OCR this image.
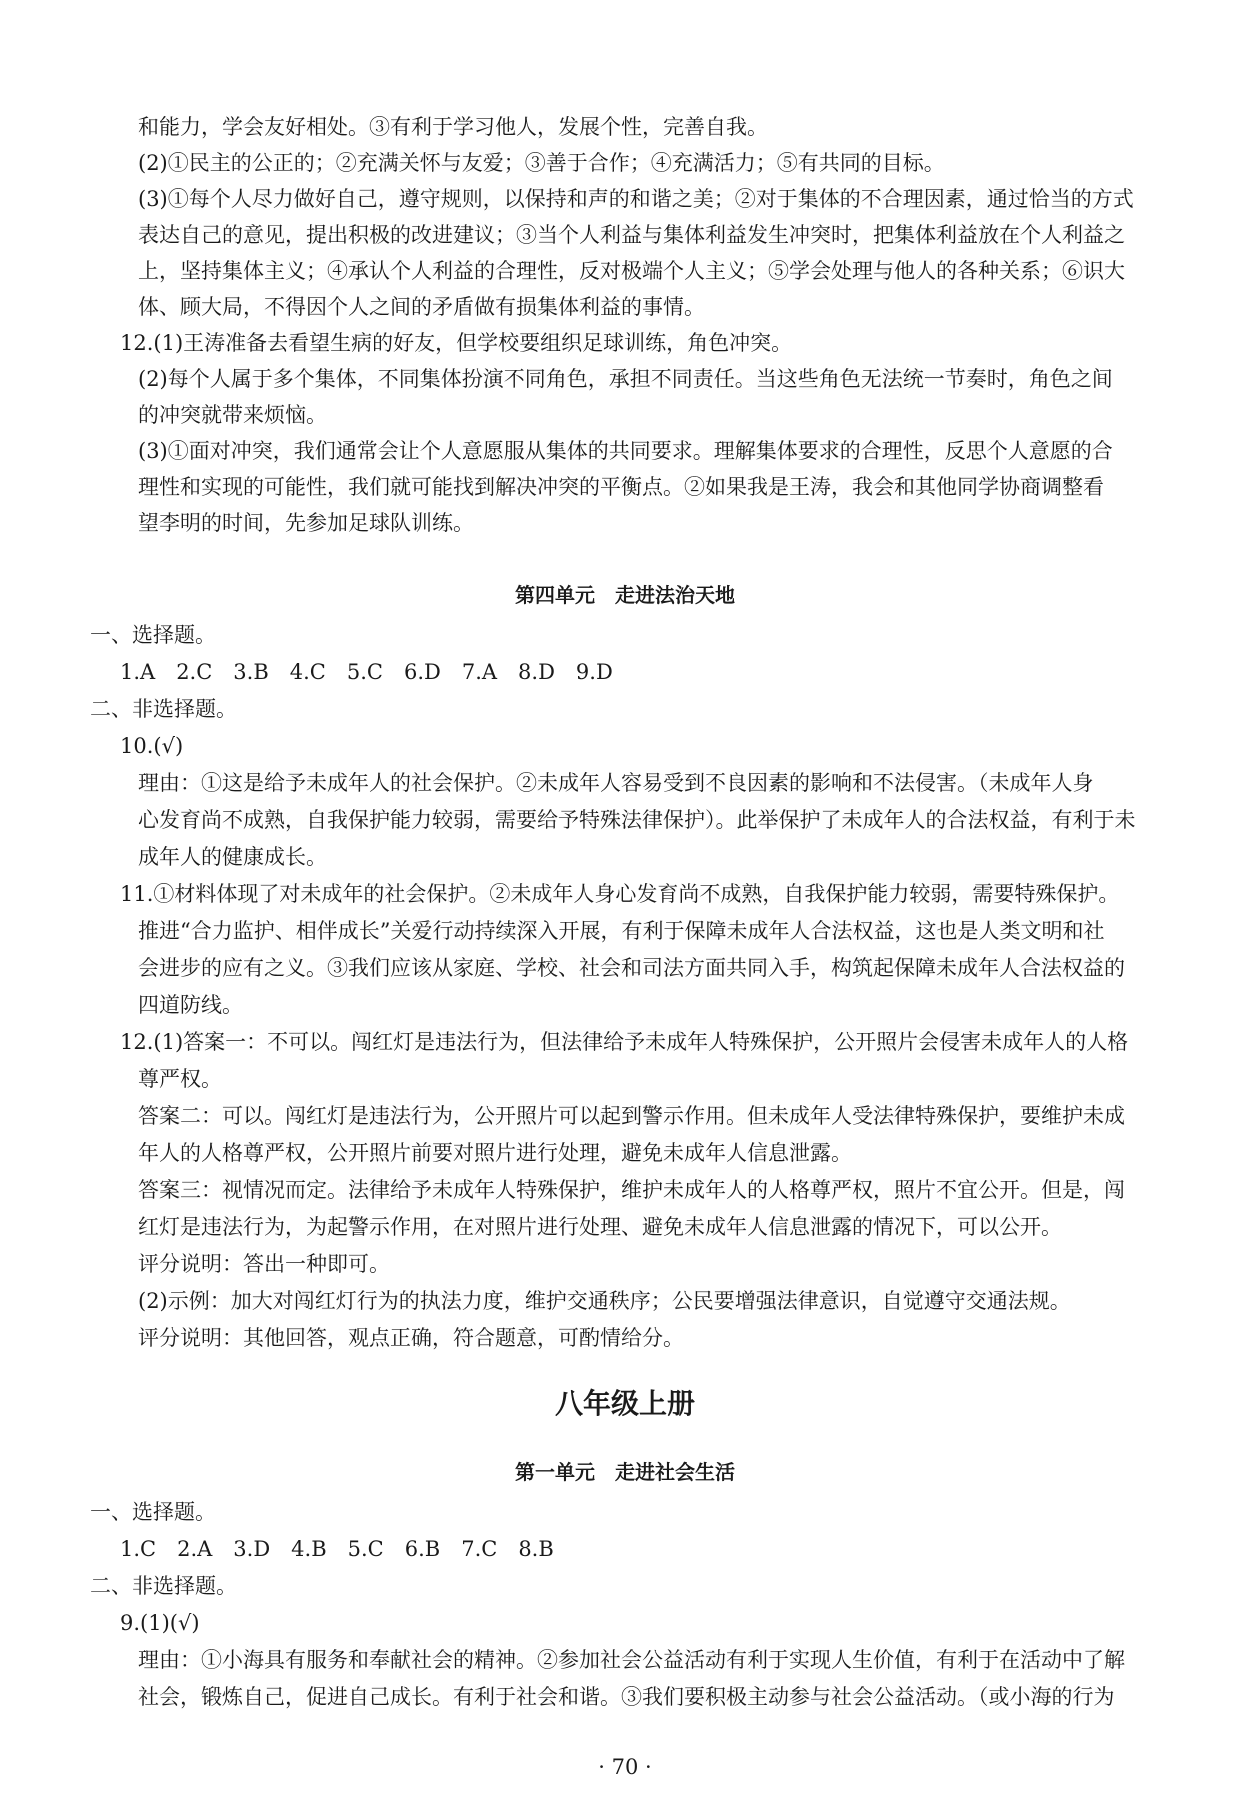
和能力，学会友好相处。③有利于学习他人，发展个性，完善自我。
(2)①民主的公正的；②充满关怀与友爱；③善于合作；④充满活力；⑤有共同的目标。
(3)①每个人尽力做好自己，遵守规则，以保持和声的和谐之美；②对于集体的不合理因素，通过恰当的方式
表达自己的意见，提出积极的改进建议；③当个人利益与集体利益发生冲突时，把集体利益放在个人利益之
上，坚持集体主义；④承认个人利益的合理性，反对极端个人主义；⑤学会处理与他人的各种关系；⑥识大
体、顾大局，不得因个人之间的矛盾做有损集体利益的事情。
12.(1)王涛准备去看望生病的好友，但学校要组织足球训练，角色冲突。
(2)每个人属于多个集体，不同集体扮演不同角色，承担不同责任。当这些角色无法统一节奏时，角色之间
的冲突就带来烦恼。
(3)①面对冲突，我们通常会让个人意愿服从集体的共同要求。理解集体要求的合理性，反思个人意愿的合
理性和实现的可能性，我们就可能找到解决冲突的平衡点。②如果我是王涛，我会和其他同学协商调整看
望李明的时间，先参加足球队训练。
第四单元　走进法治天地
一、选择题。
1.A　2.C　3.B　4.C　5.C　6.D　7.A　8.D　9.D
二、非选择题。
10.(√)
理由：①这是给予未成年人的社会保护。②未成年人容易受到不良因素的影响和不法侵害。（未成年人身
心发育尚不成熟，自我保护能力较弱，需要给予特殊法律保护）。此举保护了未成年人的合法权益，有利于未
成年人的健康成长。
11.①材料体现了对未成年的社会保护。②未成年人身心发育尚不成熟，自我保护能力较弱，需要特殊保护。
推进“合力监护、相伴成长”关爱行动持续深入开展，有利于保障未成年人合法权益，这也是人类文明和社
会进步的应有之义。③我们应该从家庭、学校、社会和司法方面共同入手，构筑起保障未成年人合法权益的
四道防线。
12.(1)答案一：不可以。闯红灯是违法行为，但法律给予未成年人特殊保护，公开照片会侵害未成年人的人格
尊严权。
答案二：可以。闯红灯是违法行为，公开照片可以起到警示作用。但未成年人受法律特殊保护，要维护未成
年人的人格尊严权，公开照片前要对照片进行处理，避免未成年人信息泄露。
答案三：视情况而定。法律给予未成年人特殊保护，维护未成年人的人格尊严权，照片不宜公开。但是，闯
红灯是违法行为，为起警示作用，在对照片进行处理、避免未成年人信息泄露的情况下，可以公开。
评分说明：答出一种即可。
(2)示例：加大对闯红灯行为的执法力度，维护交通秩序；公民要增强法律意识，自觉遵守交通法规。
评分说明：其他回答，观点正确，符合题意，可酌情给分。
八年级上册
第一单元　走进社会生活
一、选择题。
1.C　2.A　3.D　4.B　5.C　6.B　7.C　8.B
二、非选择题。
9.(1)(√)
理由：①小海具有服务和奉献社会的精神。②参加社会公益活动有利于实现人生价值，有利于在活动中了解
社会，锻炼自己，促进自己成长。有利于社会和谐。③我们要积极主动参与社会公益活动。（或小海的行为
· 70 ·
